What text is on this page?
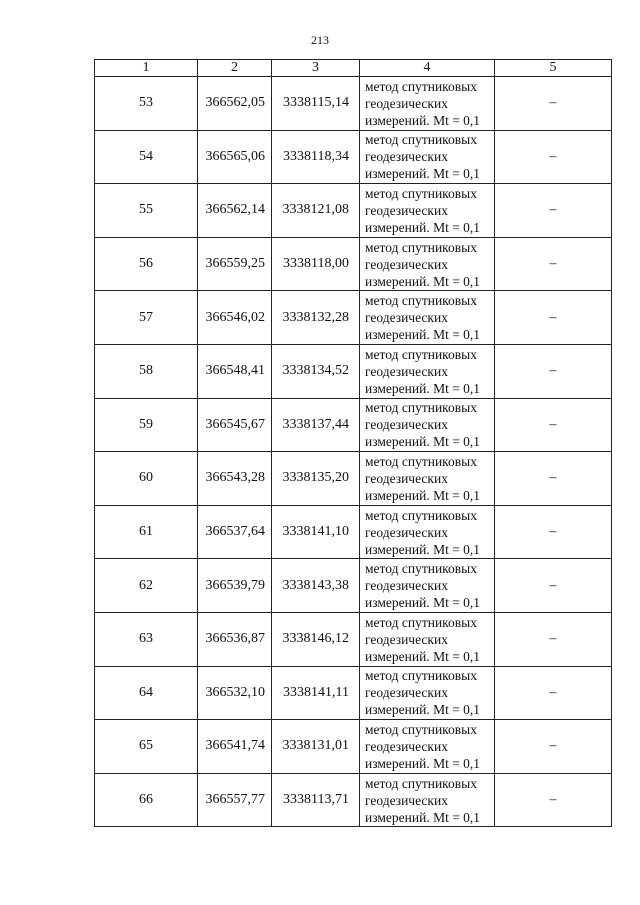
213
1	2	3	4	5
53	366562,05	3338115,14	метод спутниковых
геодезических
измерений. Mt = 0,1	–
54	366565,06	3338118,34	метод спутниковых
геодезических
измерений. Mt = 0,1	–
55	366562,14	3338121,08	метод спутниковых
геодезических
измерений. Mt = 0,1	–
56	366559,25	3338118,00	метод спутниковых
геодезических
измерений. Mt = 0,1	–
57	366546,02	3338132,28	метод спутниковых
геодезических
измерений. Mt = 0,1	–
58	366548,41	3338134,52	метод спутниковых
геодезических
измерений. Mt = 0,1	–
59	366545,67	3338137,44	метод спутниковых
геодезических
измерений. Mt = 0,1	–
60	366543,28	3338135,20	метод спутниковых
геодезических
измерений. Mt = 0,1	–
61	366537,64	3338141,10	метод спутниковых
геодезических
измерений. Mt = 0,1	–
62	366539,79	3338143,38	метод спутниковых
геодезических
измерений. Mt = 0,1	–
63	366536,87	3338146,12	метод спутниковых
геодезических
измерений. Mt = 0,1	–
64	366532,10	3338141,11	метод спутниковых
геодезических
измерений. Mt = 0,1	–
65	366541,74	3338131,01	метод спутниковых
геодезических
измерений. Mt = 0,1	–
66	366557,77	3338113,71	метод спутниковых
геодезических
измерений. Mt = 0,1	–
